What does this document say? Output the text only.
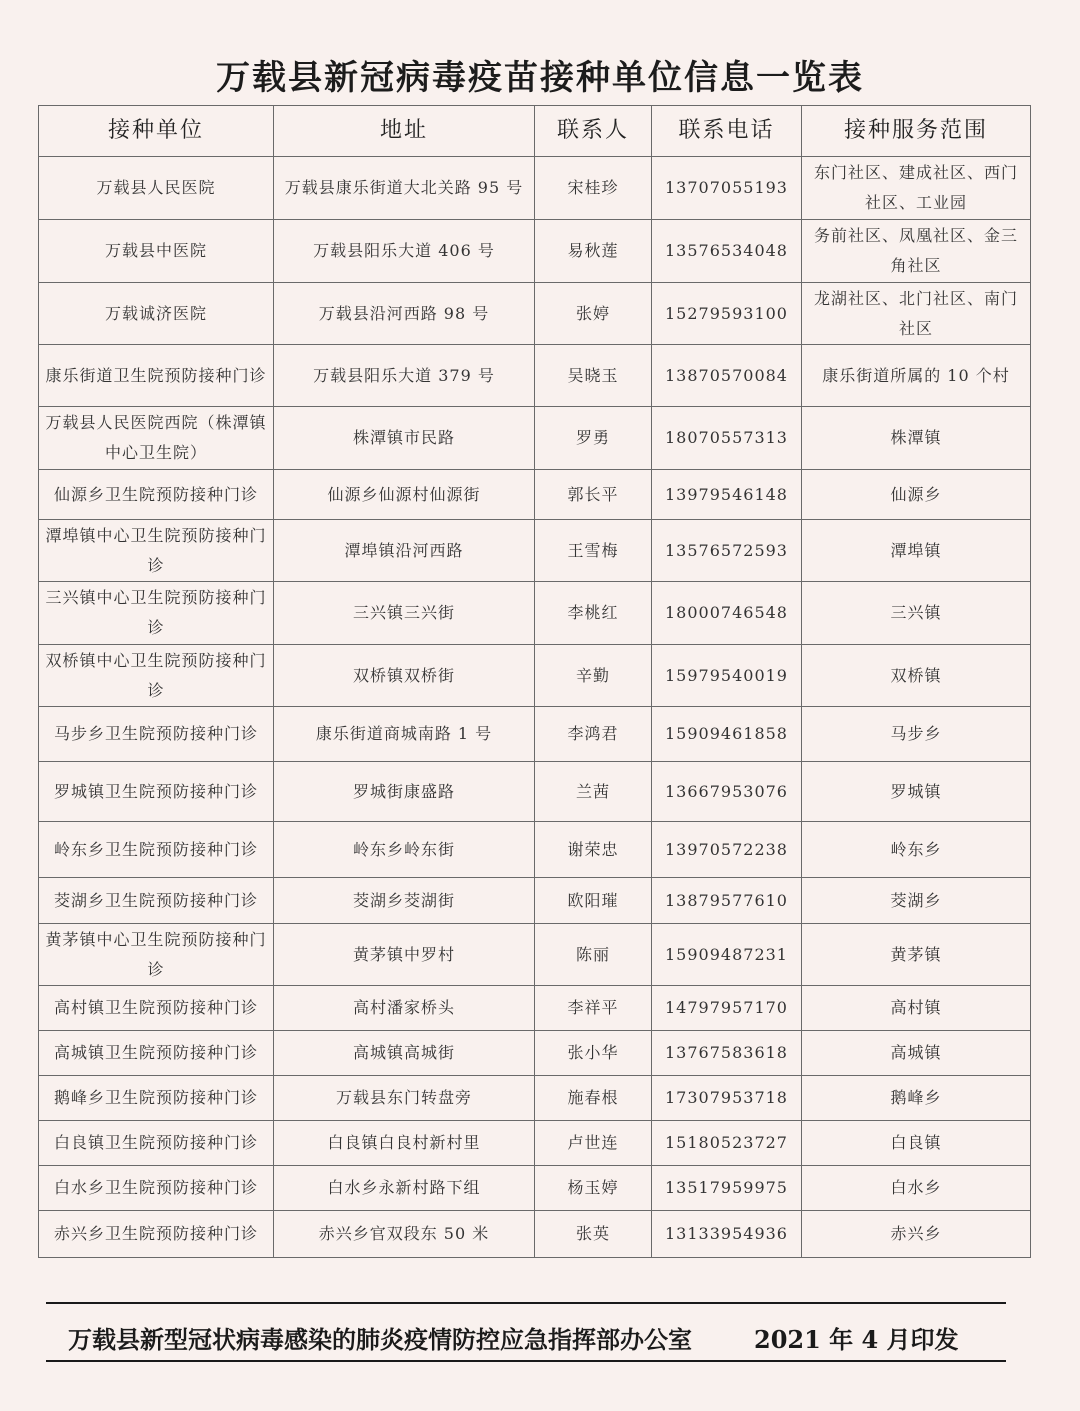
万载县新冠病毒疫苗接种单位信息一览表
接种单位	地址	联系人	联系电话	接种服务范围
万载县人民医院	万载县康乐街道大北关路 95 号	宋桂珍	13707055193	东门社区、建成社区、西门社区、工业园
万载县中医院	万载县阳乐大道 406 号	易秋莲	13576534048	务前社区、凤凰社区、金三角社区
万载诚济医院	万载县沿河西路 98 号	张婷	15279593100	龙湖社区、北门社区、南门社区
康乐街道卫生院预防接种门诊	万载县阳乐大道 379 号	吴晓玉	13870570084	康乐街道所属的 10 个村
万载县人民医院西院（株潭镇中心卫生院）	株潭镇市民路	罗勇	18070557313	株潭镇
仙源乡卫生院预防接种门诊	仙源乡仙源村仙源街	郭长平	13979546148	仙源乡
潭埠镇中心卫生院预防接种门诊	潭埠镇沿河西路	王雪梅	13576572593	潭埠镇
三兴镇中心卫生院预防接种门诊	三兴镇三兴街	李桃红	18000746548	三兴镇
双桥镇中心卫生院预防接种门诊	双桥镇双桥街	辛勤	15979540019	双桥镇
马步乡卫生院预防接种门诊	康乐街道商城南路 1 号	李鸿君	15909461858	马步乡
罗城镇卫生院预防接种门诊	罗城街康盛路	兰茜	13667953076	罗城镇
岭东乡卫生院预防接种门诊	岭东乡岭东街	谢荣忠	13970572238	岭东乡
茭湖乡卫生院预防接种门诊	茭湖乡茭湖街	欧阳璀	13879577610	茭湖乡
黄茅镇中心卫生院预防接种门诊	黄茅镇中罗村	陈丽	15909487231	黄茅镇
高村镇卫生院预防接种门诊	高村潘家桥头	李祥平	14797957170	高村镇
高城镇卫生院预防接种门诊	高城镇高城街	张小华	13767583618	高城镇
鹅峰乡卫生院预防接种门诊	万载县东门转盘旁	施春根	17307953718	鹅峰乡
白良镇卫生院预防接种门诊	白良镇白良村新村里	卢世连	15180523727	白良镇
白水乡卫生院预防接种门诊	白水乡永新村路下组	杨玉婷	13517959975	白水乡
赤兴乡卫生院预防接种门诊	赤兴乡官双段东 50 米	张英	13133954936	赤兴乡
万载县新型冠状病毒感染的肺炎疫情防控应急指挥部办公室	2021 年 4 月印发
